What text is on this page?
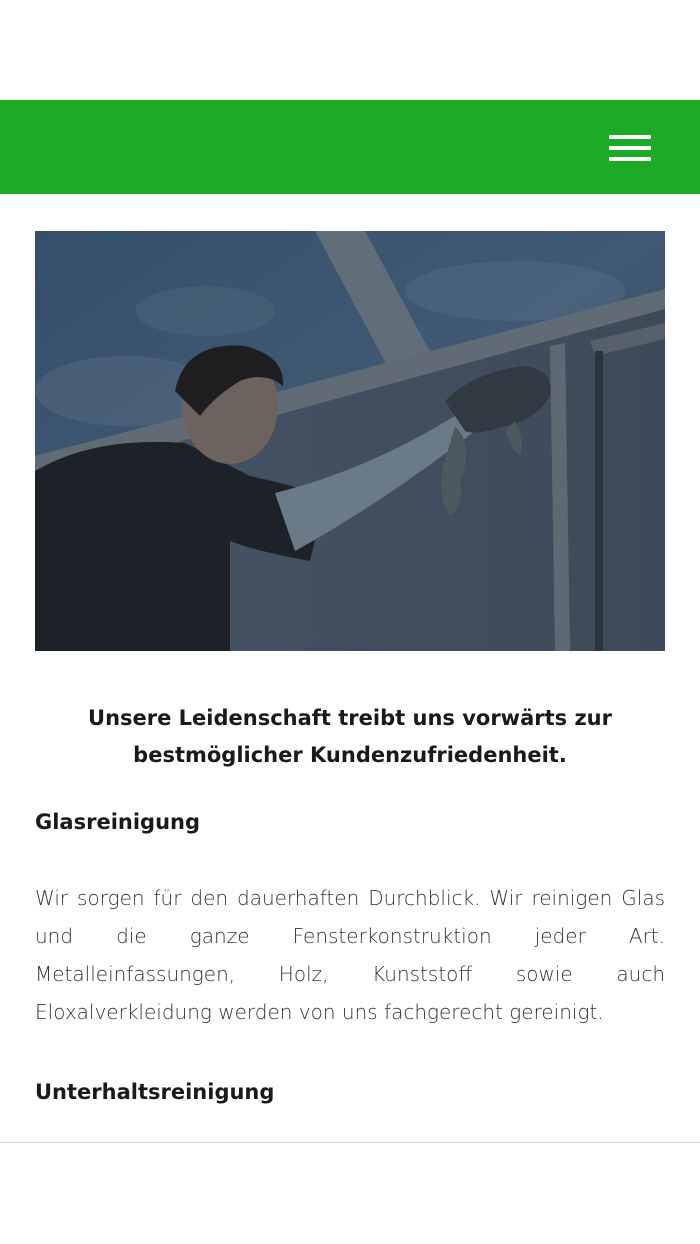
Unsere Leidenschaft treibt uns vorwärts zur bestmöglicher Kundenzufriedenheit.

Glasreinigung

Wir sorgen für den dauerhaften Durchblick. Wir reinigen Glas und die ganze Fensterkonstruktion jeder Art. Metalleinfassungen, Holz, Kunststoff sowie auch Eloxalverkleidung werden von uns fachgerecht gereinigt.

Unterhaltsreinigung
